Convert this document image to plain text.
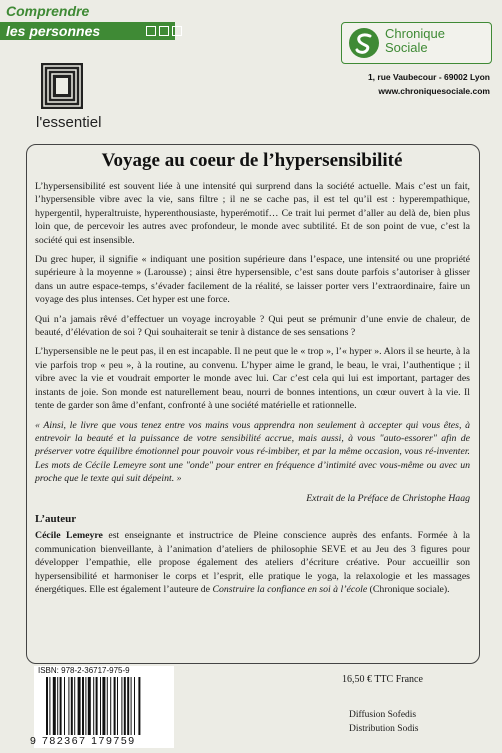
Comprendre
les personnes
l'essentiel
Chronique
Sociale
1, rue Vaubecour - 69002 Lyon
www.chroniquesociale.com
Voyage au coeur de l’hypersensibilité

L’hypersensibilité est souvent liée à une intensité qui surprend dans la société actuelle. Mais c’est un fait, l’hypersensible vibre avec la vie, sans filtre ; il ne se cache pas, il est tel qu’il est : hyperempathique, hypergentil, hyperaltruiste, hyperenthousiaste, hyperémotif… Ce trait lui permet d’aller au delà de, bien plus loin que, de percevoir les autres avec profondeur, le monde avec subtilité. Et de son point de vue, c’est la société qui est insensible.

Du grec huper, il signifie « indiquant une position supérieure dans l’espace, une intensité ou une propriété supérieure à la moyenne » (Larousse) ; ainsi être hypersensible, c’est sans doute parfois s’autoriser à glisser dans un autre espace-temps, s’évader facilement de la réalité, se laisser porter vers l’extraordinaire, faire un voyage des plus intenses. Cet hyper est une force.

Qui n’a jamais rêvé d’effectuer un voyage incroyable ? Qui peut se prémunir d’une envie de chaleur, de beauté, d’élévation de soi ? Qui souhaiterait se tenir à distance de ses sensations ?

L’hypersensible ne le peut pas, il en est incapable. Il ne peut que le « trop », l’« hyper ». Alors il se heurte, à la vie parfois trop « peu », à la routine, au convenu. L’hyper aime le grand, le beau, le vrai, l’authentique ; il vibre avec la vie et voudrait emporter le monde avec lui. Car c’est cela qui lui est important, partager des instants de joie. Son monde est naturellement beau, nourri de bonnes intentions, un cœur ouvert à la vie. Il tente de garder son âme d’enfant, confronté à une société matérielle et rationnelle.

« Ainsi, le livre que vous tenez entre vos mains vous apprendra non seulement à accepter qui vous êtes, à entrevoir la beauté et la puissance de votre sensibilité accrue, mais aussi, à vous "auto-essorer" afin de préserver votre équilibre émotionnel pour pouvoir vous ré-imbiber, et par la même occasion, vous ré-inventer. Les mots de Cécile Lemeyre sont une "onde" pour entrer en fréquence d’intimité avec vous-même ou avec un proche que le texte qui suit dépeint. »

Extrait de la Préface de Christophe Haag

L’auteur

Cécile Lemeyre est enseignante et instructrice de Pleine conscience auprès des enfants. Formée à la communication bienveillante, à l’animation d’ateliers de philosophie SEVE et au Jeu des 3 figures pour développer l’empathie, elle propose également des ateliers d’écriture créative. Pour accueillir son hypersensibilité et harmoniser le corps et l’esprit, elle pratique le yoga, la relaxologie et les massages énergétiques. Elle est également l’auteure de Construire la confiance en soi à l’école (Chronique sociale).

ISBN: 978-2-36717-975-9
9 782367 179759
16,50 € TTC France
Diffusion Sofedis
Distribution Sodis
